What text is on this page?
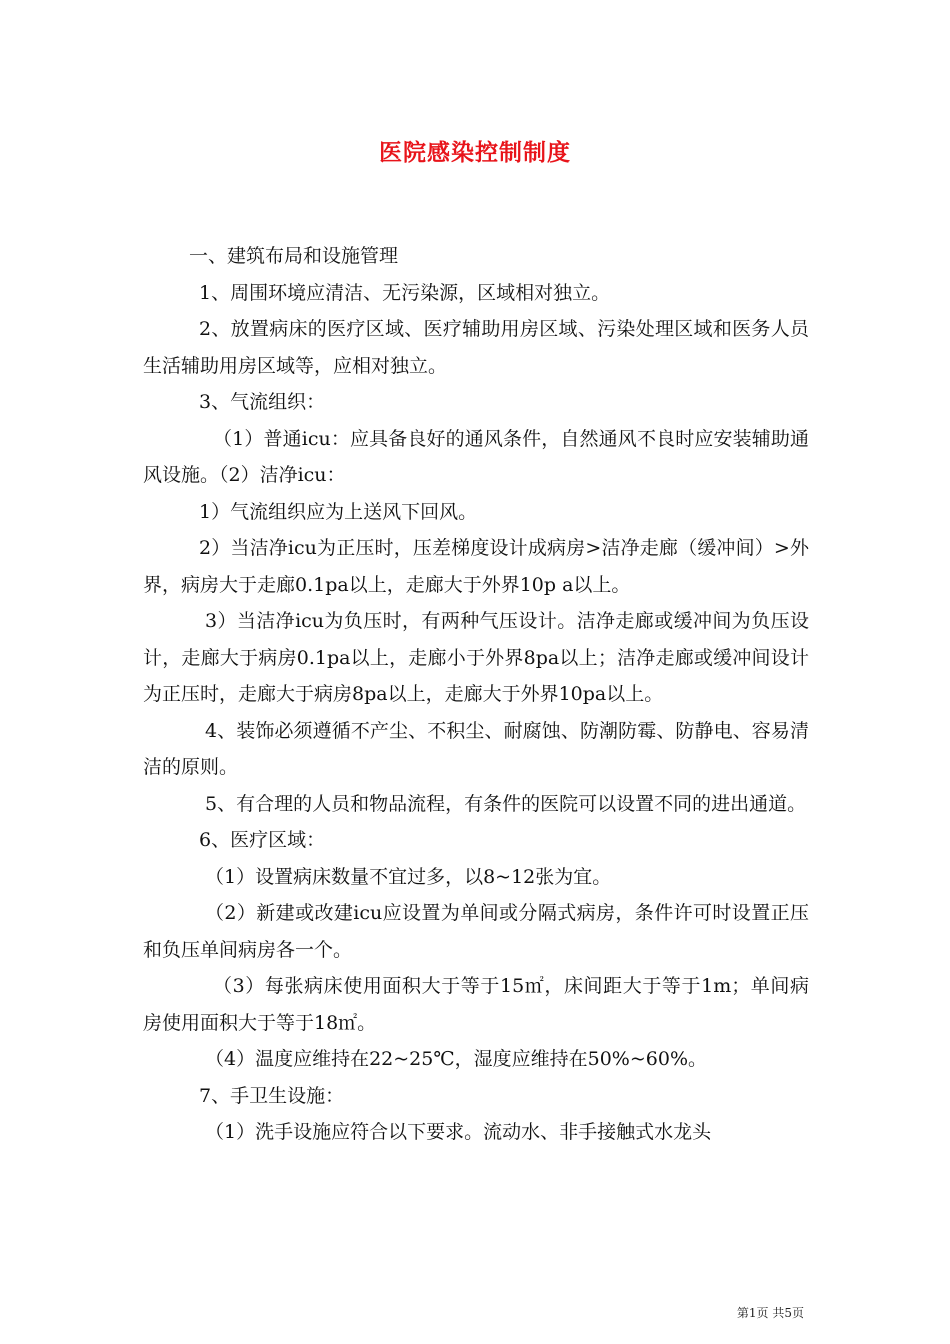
医院感染控制制度

一、建筑布局和设施管理

1、周围环境应清洁、无污染源，区域相对独立。

2、放置病床的医疗区域、医疗辅助用房区域、污染处理区域和医务人员生活辅助用房区域等，应相对独立。

3、气流组织：

（1）普通icu：应具备良好的通风条件，自然通风不良时应安装辅助通风设施。（2）洁净icu：

1）气流组织应为上送风下回风。

2）当洁净icu为正压时，压差梯度设计成病房>洁净走廊（缓冲间）>外界，病房大于走廊0.1pa以上，走廊大于外界10p a以上。

3）当洁净icu为负压时，有两种气压设计。洁净走廊或缓冲间为负压设计，走廊大于病房0.1pa以上，走廊小于外界8pa以上；洁净走廊或缓冲间设计为正压时，走廊大于病房8pa以上，走廊大于外界10pa以上。

4、装饰必须遵循不产尘、不积尘、耐腐蚀、防潮防霉、防静电、容易清洁的原则。

5、有合理的人员和物品流程，有条件的医院可以设置不同的进出通道。

6、医疗区域：

（1）设置病床数量不宜过多，以8~12张为宜。

（2）新建或改建icu应设置为单间或分隔式病房，条件许可时设置正压和负压单间病房各一个。

（3）每张病床使用面积大于等于15㎡，床间距大于等于1m；单间病房使用面积大于等于18㎡。

（4）温度应维持在22~25℃，湿度应维持在50%~60%。

7、手卫生设施：

（1）洗手设施应符合以下要求。流动水、非手接触式水龙头

第1页 共5页
